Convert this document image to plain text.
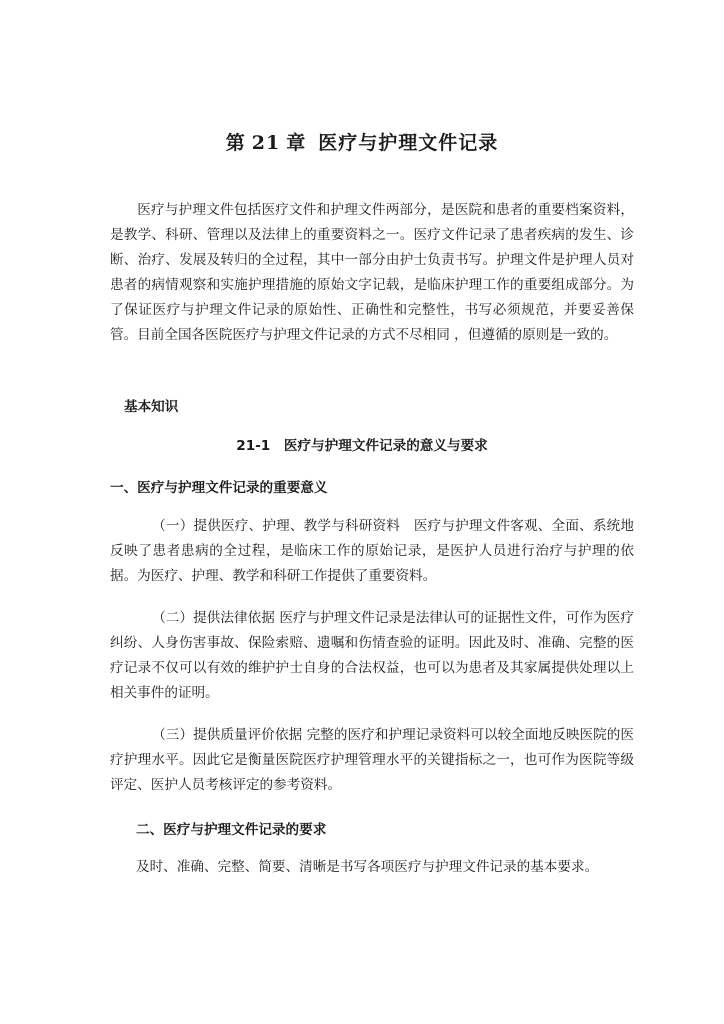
第 21 章 医疗与护理文件记录

医疗与护理文件包括医疗文件和护理文件两部分，是医院和患者的重要档案资料，是教学、科研、管理以及法律上的重要资料之一。医疗文件记录了患者疾病的发生、诊断、治疗、发展及转归的全过程，其中一部分由护士负责书写。护理文件是护理人员对患者的病情观察和实施护理措施的原始文字记载，是临床护理工作的重要组成部分。为了保证医疗与护理文件记录的原始性、正确性和完整性，书写必须规范，并要妥善保管。目前全国各医院医疗与护理文件记录的方式不尽相同 ，但遵循的原则是一致的。

基本知识

21-1　医疗与护理文件记录的意义与要求

一、医疗与护理文件记录的重要意义

（一）提供医疗、护理、教学与科研资料　医疗与护理文件客观、全面、系统地反映了患者患病的全过程，是临床工作的原始记录，是医护人员进行治疗与护理的依据。为医疗、护理、教学和科研工作提供了重要资料。

（二）提供法律依据 医疗与护理文件记录是法律认可的证据性文件，可作为医疗纠纷、人身伤害事故、保险索赔、遗嘱和伤情查验的证明。因此及时、准确、完整的医疗记录不仅可以有效的维护护士自身的合法权益，也可以为患者及其家属提供处理以上相关事件的证明。

（三）提供质量评价依据 完整的医疗和护理记录资料可以较全面地反映医院的医疗护理水平。因此它是衡量医院医疗护理管理水平的关键指标之一，也可作为医院等级评定、医护人员考核评定的参考资料。

二、医疗与护理文件记录的要求

及时、准确、完整、简要、清晰是书写各项医疗与护理文件记录的基本要求。
